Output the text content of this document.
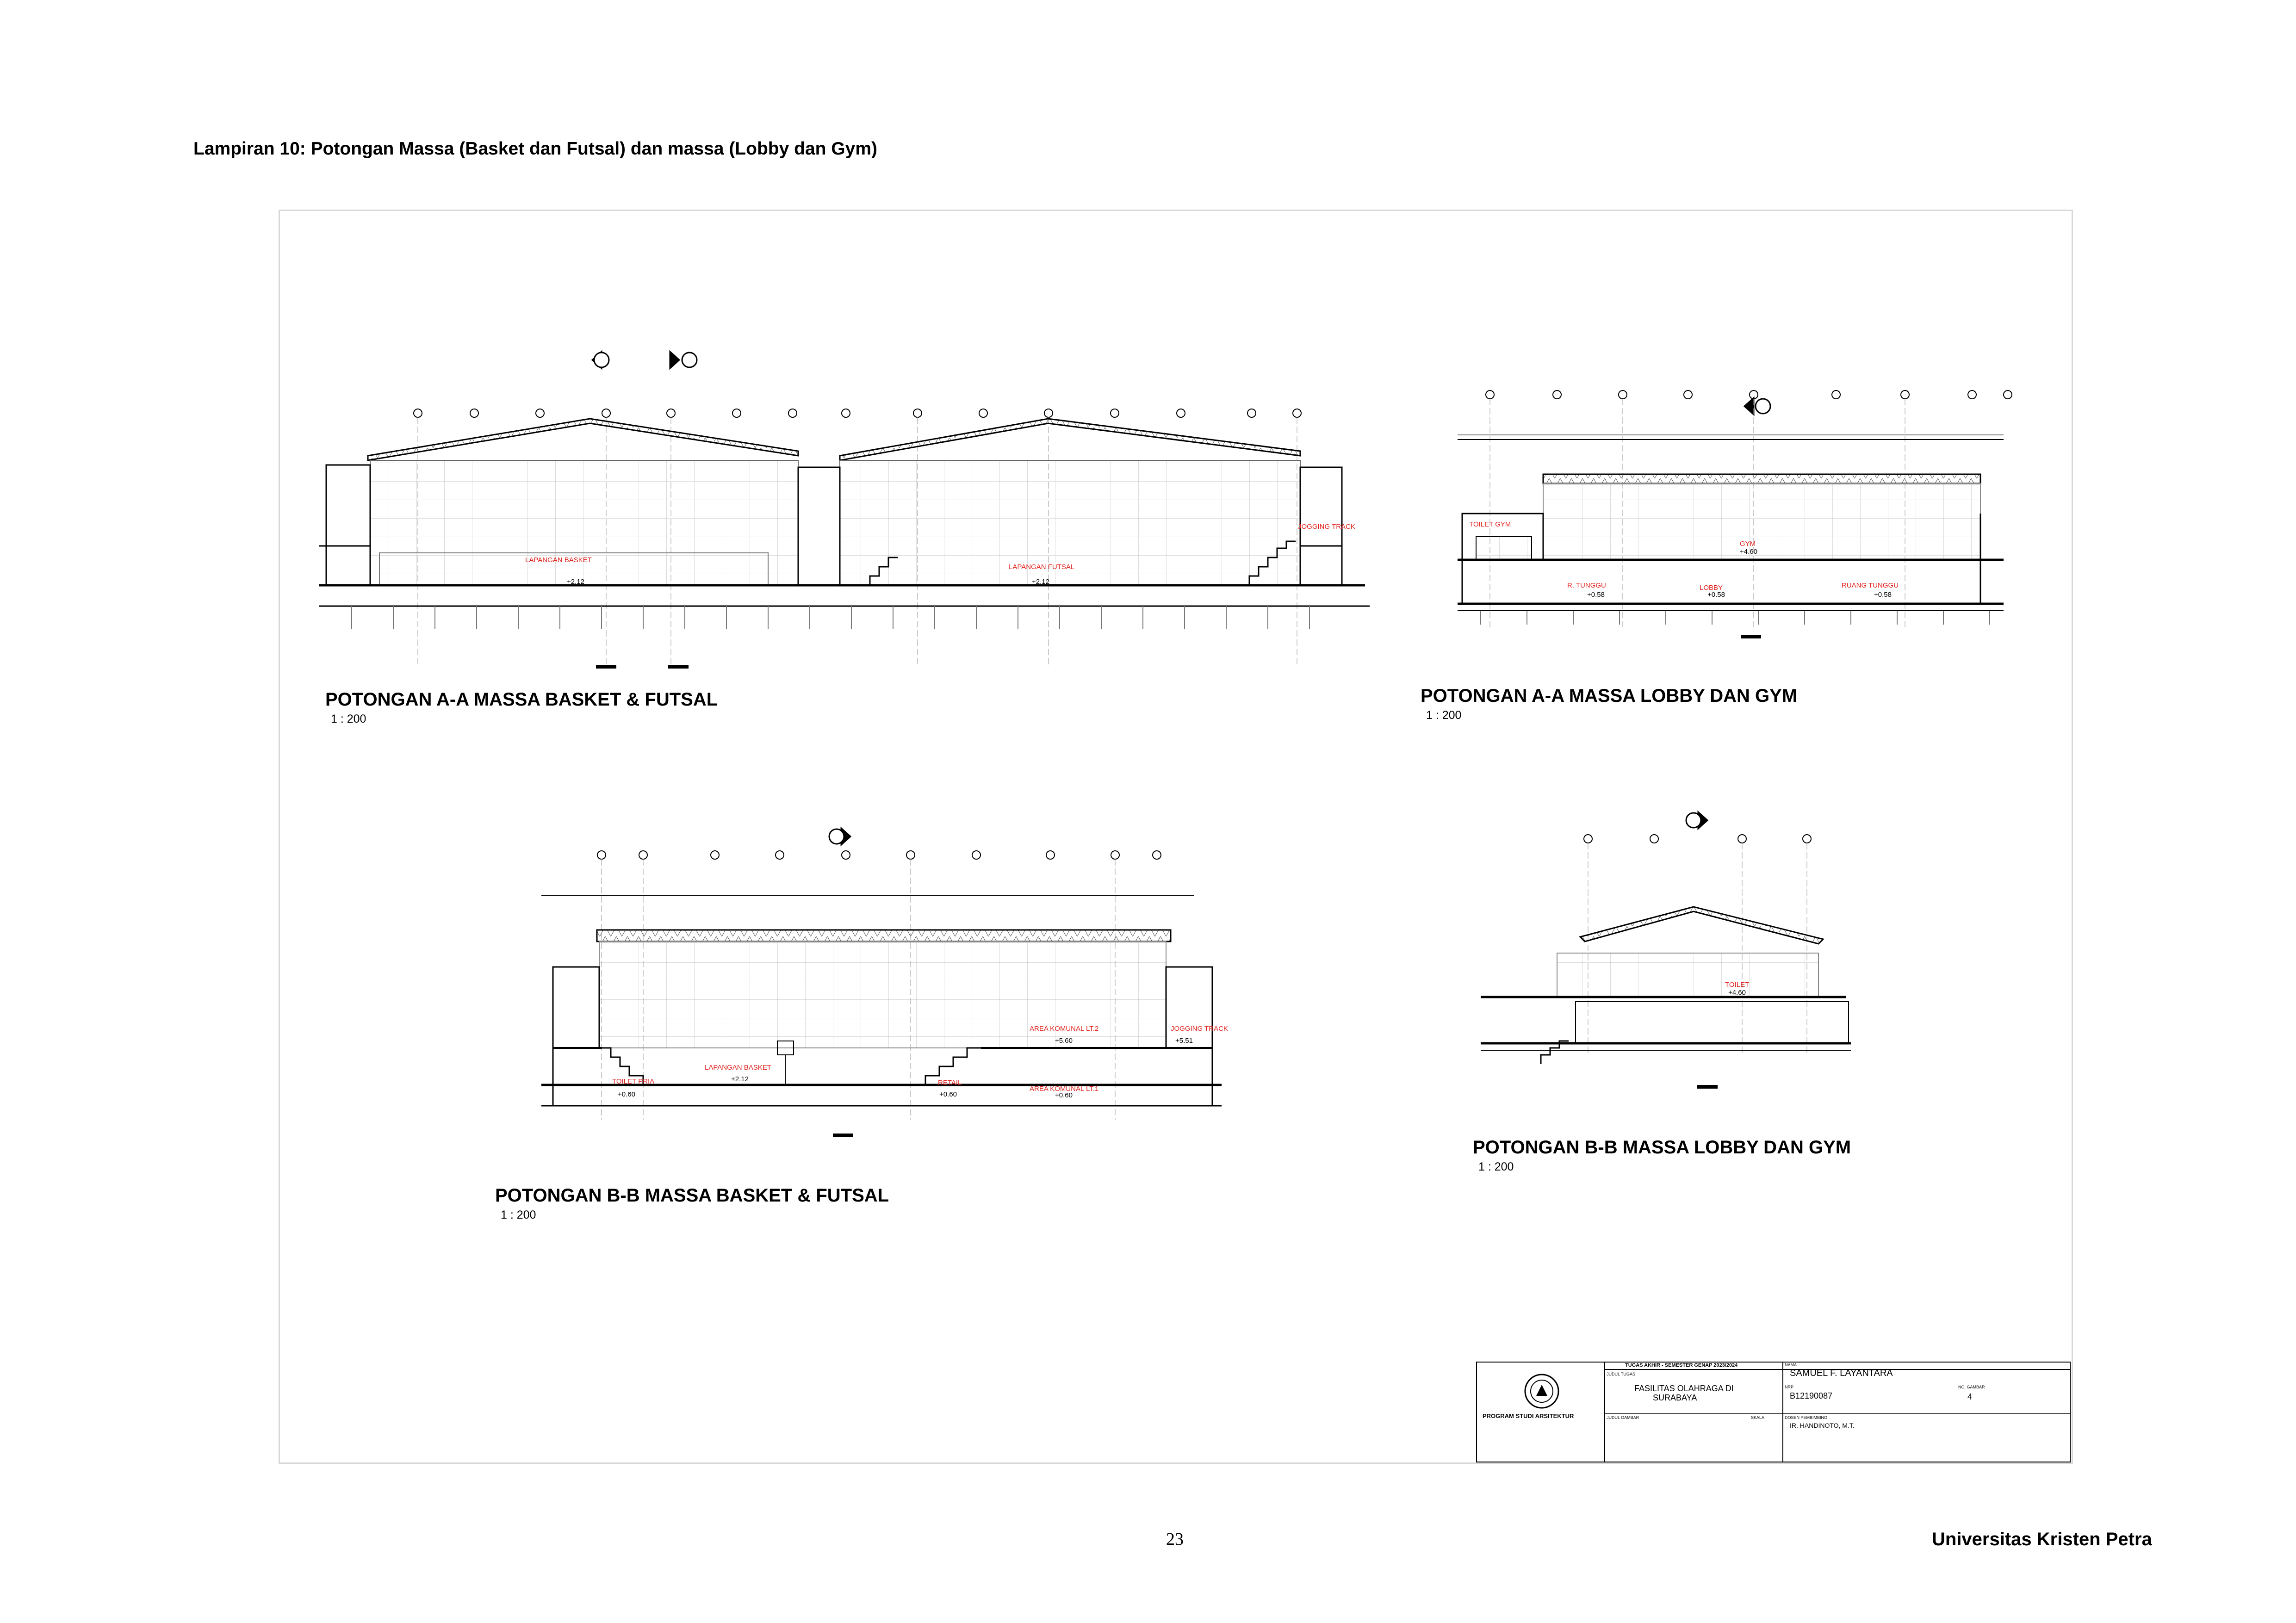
Lampiran 10: Potongan Massa (Basket dan Futsal) dan massa (Lobby dan Gym)
LAPANGAN BASKET
LAPANGAN FUTSAL
JOGGING TRACK
+2.12	+2.12
TOILET GYM
GYM
R. TUNGGU	LOBBY	RUANG TUNGGU
+4.60
+0.58	+0.58	+0.58
LAPANGAN BASKET
TOILET PRIA	RETAIL
AREA KOMUNAL LT.2
AREA KOMUNAL LT.1
JOGGING TRACK
+2.12
+0.60	+0.60
+5.60
+0.60
+5.51
TOILET
+4.60
POTONGAN A-A MASSA BASKET & FUTSAL
1 : 200
POTONGAN A-A MASSA LOBBY DAN GYM
1 : 200
POTONGAN B-B MASSA BASKET & FUTSAL
1 : 200
POTONGAN B-B MASSA LOBBY DAN GYM
1 : 200
PROGRAM STUDI ARSITEKTUR
TUGAS AKHIR - SEMESTER GENAP 2023/2024
JUDUL TUGAS
FASILITAS OLAHRAGA DI
SURABAYA
JUDUL GAMBAR	SKALA
NAMA
SAMUEL F. LAYANTARA
NRP
B12190087
NO. GAMBAR
4
DOSEN PEMBIMBING
IR. HANDINOTO, M.T.
23	Universitas Kristen Petra
